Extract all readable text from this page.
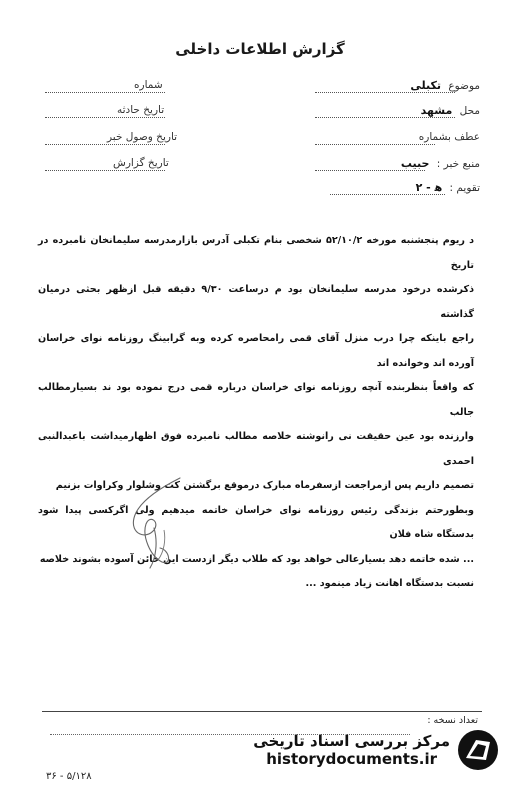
گزارش اطلاعات داخلی
شماره
تاریخ حادثه
تاریخ وصول خبر
تاریخ گزارش
موضوع تکبلی
محل مشهد
عطف بشماره
منبع خبر : حبیب
تقویم : ه‍ - ۲

د ریوم پنجشنبه مورخه ۵۲/۱۰/۲ شخصی بنام تکبلی آدرس بازارمدرسه سلیمانخان نامبرده در تاریخ

ذکرشده درخود مدرسه سلیمانخان بود م درساعت ۹/۳۰ دقیقه قبل ازظهر بحثی درمیان گذاشته

راجع باینکه چرا درب منزل آقای قمی رامحاصره کرده وبه گرابینگ روزنامه نوای خراسان آورده اند وخوانده اند

که واقعاً بنظربنده آنچه روزنامه نوای خراسان درباره قمی درج نموده بود ند بسیارمطالب جالب

وارزنده بود عین حقیقت نی رانوشته خلاصه مطالب نامبرده فوق اظهارمیداشت باعبدالنبی احمدی

تصمیم داریم پس ازمراجعت ازسفرماه مبارک درموقع برگشتن کت وشلوار وکراوات بزنیم

وبطورحتم بزندگی رئیس روزنامه نوای خراسان خاتمه میدهیم ولی اگرکسی پیدا شود بدستگاه شاه فلان

... شده خاتمه دهد بسیارعالی خواهد بود که طلاب دیگر ازدست این خائن آسوده بشوند خلاصه

نسبت بدستگاه اهانت زیاد مینمود ...

تعداد نسخه :
۵/۱۲۸ - ۳۶
مرکز بررسی اسناد تاریخی
historydocuments.ir
